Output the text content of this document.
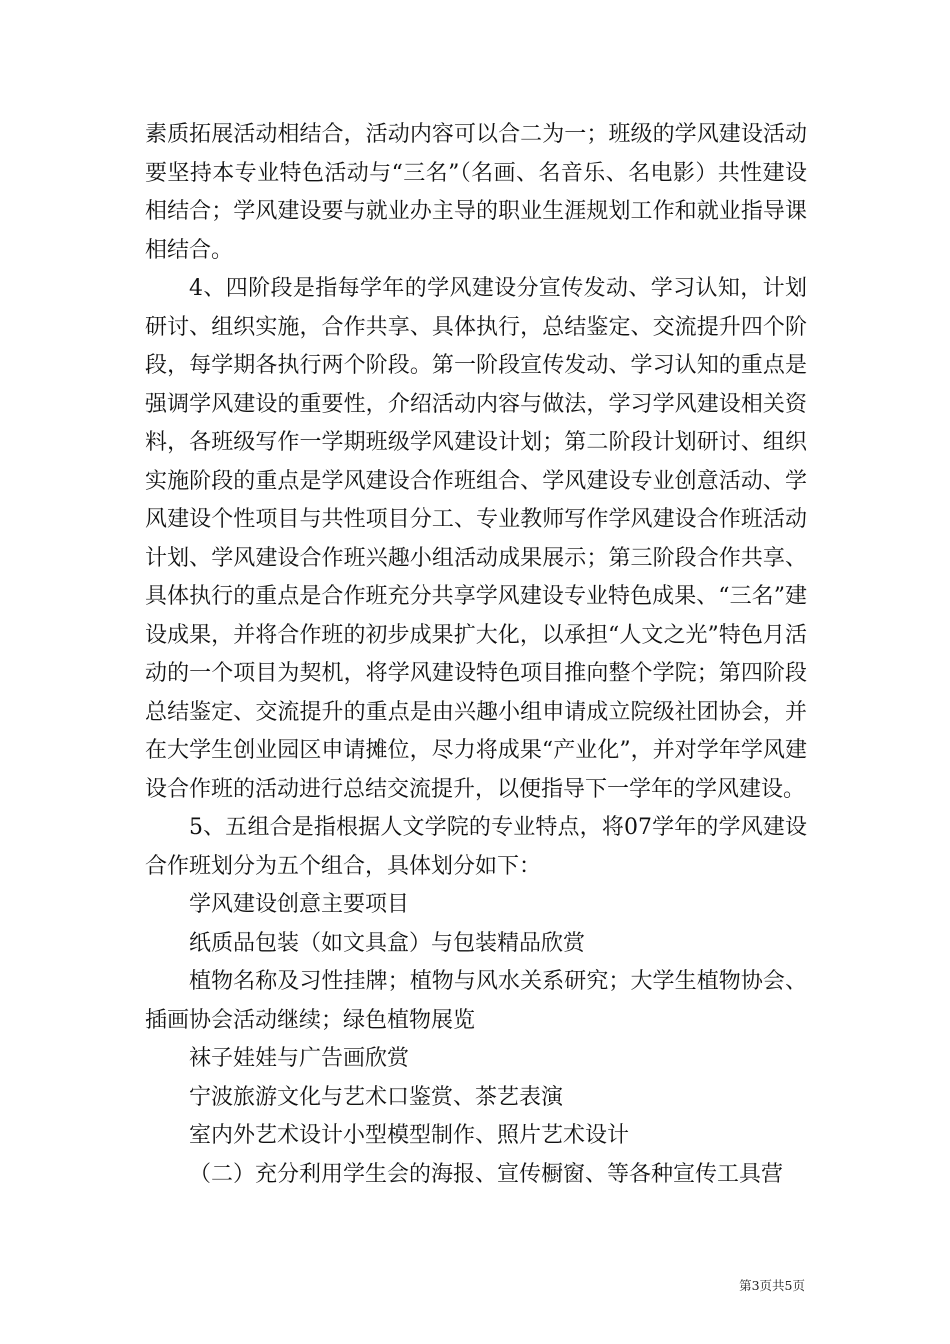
素质拓展活动相结合，活动内容可以合二为一；班级的学风建设活动要坚持本专业特色活动与“三名”（名画、名音乐、名电影）共性建设相结合；学风建设要与就业办主导的职业生涯规划工作和就业指导课相结合。

4、四阶段是指每学年的学风建设分宣传发动、学习认知，计划研讨、组织实施，合作共享、具体执行，总结鉴定、交流提升四个阶段，每学期各执行两个阶段。第一阶段宣传发动、学习认知的重点是强调学风建设的重要性，介绍活动内容与做法，学习学风建设相关资料，各班级写作一学期班级学风建设计划；第二阶段计划研讨、组织实施阶段的重点是学风建设合作班组合、学风建设专业创意活动、学风建设个性项目与共性项目分工、专业教师写作学风建设合作班活动计划、学风建设合作班兴趣小组活动成果展示；第三阶段合作共享、具体执行的重点是合作班充分共享学风建设专业特色成果、“三名”建设成果，并将合作班的初步成果扩大化，以承担“人文之光”特色月活动的一个项目为契机，将学风建设特色项目推向整个学院；第四阶段总结鉴定、交流提升的重点是由兴趣小组申请成立院级社团协会，并在大学生创业园区申请摊位，尽力将成果“产业化”，并对学年学风建设合作班的活动进行总结交流提升，以便指导下一学年的学风建设。

5、五组合是指根据人文学院的专业特点，将07学年的学风建设合作班划分为五个组合，具体划分如下：

学风建设创意主要项目

纸质品包装（如文具盒）与包装精品欣赏

植物名称及习性挂牌；植物与风水关系研究；大学生植物协会、插画协会活动继续；绿色植物展览

袜子娃娃与广告画欣赏

宁波旅游文化与艺术口鉴赏、茶艺表演

室内外艺术设计小型模型制作、照片艺术设计

（二）充分利用学生会的海报、宣传橱窗、等各种宣传工具营

第3页共5页
